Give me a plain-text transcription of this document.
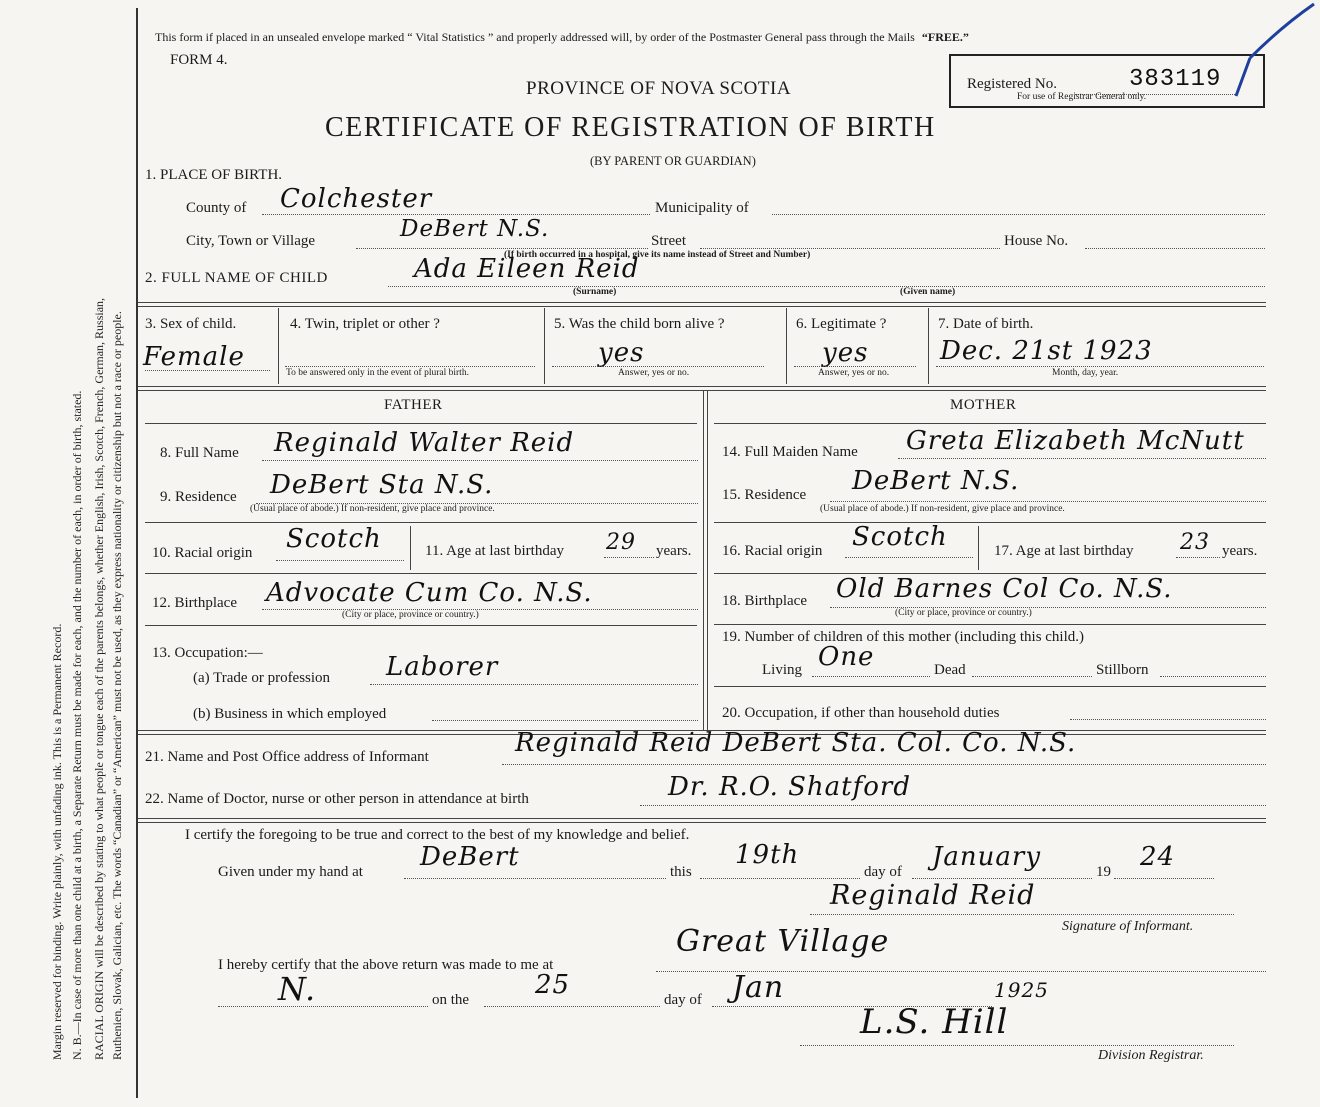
Margin reserved for binding. Write plainly, with unfading ink. This is a Permanent Record. N. B.—In case of more than one child at a birth, a Separate Return must be made for each, and the number of each, in order of birth, stated. RACIAL ORIGIN will be described by stating to what people or tongue each of the parents belongs, whether English, Irish, Scotch, French, German, Russian, Ruthenien, Slovak, Galician, etc. The words “Canadian” or “American” must not be used, as they express nationality or citizenship but not a race or people.
This form if placed in an unsealed envelope marked “ Vital Statistics ” and properly addressed will, by order of the Postmaster General pass through the Mails “FREE.”
FORM 4.
PROVINCE OF NOVA SCOTIA
CERTIFICATE OF REGISTRATION OF BIRTH
(BY PARENT OR GUARDIAN)
Registered No.	383119
For use of Registrar General only.
1. PLACE OF BIRTH.
County of Colchester	Municipality of
City, Town or Village	DeBert N.S.	Street	House No.
(If birth occurred in a hospital, give its name instead of Street and Number)
2. FULL NAME OF CHILD	Ada Eileen Reid
(Surname)	(Given name)
3. Sex of child.
Female
4. Twin, triplet or other ?
To be answered only in the event of plural birth.
5. Was the child born alive ?
yes
Answer, yes or no.
6. Legitimate ?
yes
Answer, yes or no.
7. Date of birth.
Dec. 21st 1923
Month, day, year.
FATHER	MOTHER
8. Full Name Reginald Walter Reid
9. Residence DeBert Sta N.S.
(Usual place of abode.) If non-resident, give place and province.
10. Racial origin Scotch	11. Age at last birthday 29 years.
12. Birthplace Advocate Cum Co. N.S.
(City or place, province or country.)
13. Occupation:—
(a) Trade or profession Laborer
(b) Business in which employed
14. Full Maiden Name Greta Elizabeth McNutt
15. Residence DeBert N.S.
(Usual place of abode.) If non-resident, give place and province.
16. Racial origin Scotch	17. Age at last birthday 23 years.
18. Birthplace Old Barnes Col Co. N.S.
(City or place, province or country.)
19. Number of children of this mother (including this child.)
Living One	Dead	Stillborn
20. Occupation, if other than household duties
21. Name and Post Office address of Informant	Reginald Reid DeBert Sta. Col. Co. N.S.
22. Name of Doctor, nurse or other person in attendance at birth	Dr. R.O. Shatford
I certify the foregoing to be true and correct to the best of my knowledge and belief.
Given under my hand at DeBert	this
19th
day of January	19 24
Reginald Reid
Signature of Informant.
I hereby certify that the above return was made to me at
Great Village
N.	on the	25	day of Jan	1925
L.S. Hill
Division Registrar.
